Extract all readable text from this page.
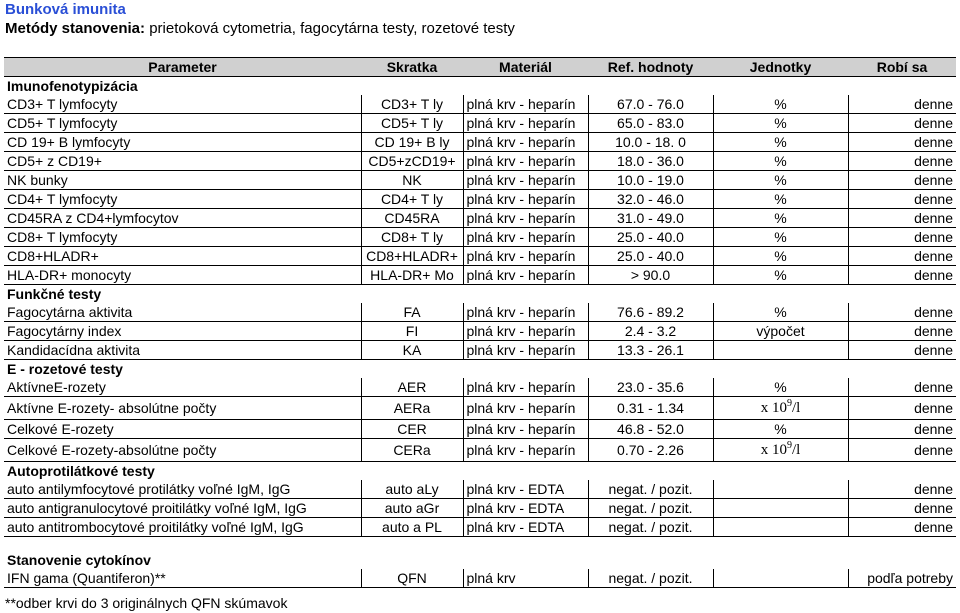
Bunková imunita
Metódy stanovenia: prietoková cytometria, fagocytárna testy, rozetové testy
Parameter	Skratka	Materiál	Ref. hodnoty	Jednotky	Robí sa
Imunofenotypizácia					
CD3+ T lymfocyty	CD3+ T ly	plná krv - heparín	67.0 - 76.0	%	denne
CD5+ T lymfocyty	CD5+ T ly	plná krv - heparín	65.0 - 83.0	%	denne
CD 19+ B lymfocyty	CD 19+ B ly	plná krv - heparín	10.0 - 18. 0	%	denne
CD5+ z CD19+	CD5+zCD19+	plná krv - heparín	18.0 - 36.0	%	denne
NK bunky	NK	plná krv - heparín	10.0 - 19.0	%	denne
CD4+ T lymfocyty	CD4+ T ly	plná krv - heparín	32.0 - 46.0	%	denne
CD45RA z CD4+lymfocytov	CD45RA	plná krv - heparín	31.0 - 49.0	%	denne
CD8+ T lymfocyty	CD8+ T ly	plná krv - heparín	25.0 - 40.0	%	denne
CD8+HLADR+	CD8+HLADR+	plná krv - heparín	25.0 - 40.0	%	denne
HLA-DR+ monocyty	HLA-DR+ Mo	plná krv - heparín	> 90.0	%	denne
Funkčné testy					
Fagocytárna aktivita	FA	plná krv - heparín	76.6 - 89.2	%	denne
Fagocytárny index	FI	plná krv - heparín	2.4 - 3.2	výpočet	denne
Kandidacídna aktivita	KA	plná krv - heparín	13.3 - 26.1		denne
E - rozetové testy					
AktívneE-rozety	AER	plná krv - heparín	23.0 - 35.6	%	denne
Aktívne E-rozety- absolútne počty	AERa	plná krv - heparín	0.31 - 1.34	x $10^9/l$	denne
Celkové E-rozety	CER	plná krv - heparín	46.8 - 52.0	%	denne
Celkové E-rozety-absolútne počty	CERa	plná krv - heparín	0.70 - 2.26	x $10^9/l$	denne
Autoprotilátkové testy					
auto antilymfocytové protilátky voľné IgM, IgG	auto aLy	plná krv - EDTA	negat. / pozit.		denne
auto antigranulocytové proitilátky voľné IgM, IgG	auto aGr	plná krv - EDTA	negat. / pozit.		denne
auto antitrombocytové proitilátky voľné IgM, IgG	auto a PL	plná krv - EDTA	negat. / pozit.		denne

Stanovenie cytokínov					
IFN gama (Quantiferon)**	QFN	plná krv	negat. / pozit.		podľa potreby
**odber krvi do 3 originálnych QFN skúmavok
